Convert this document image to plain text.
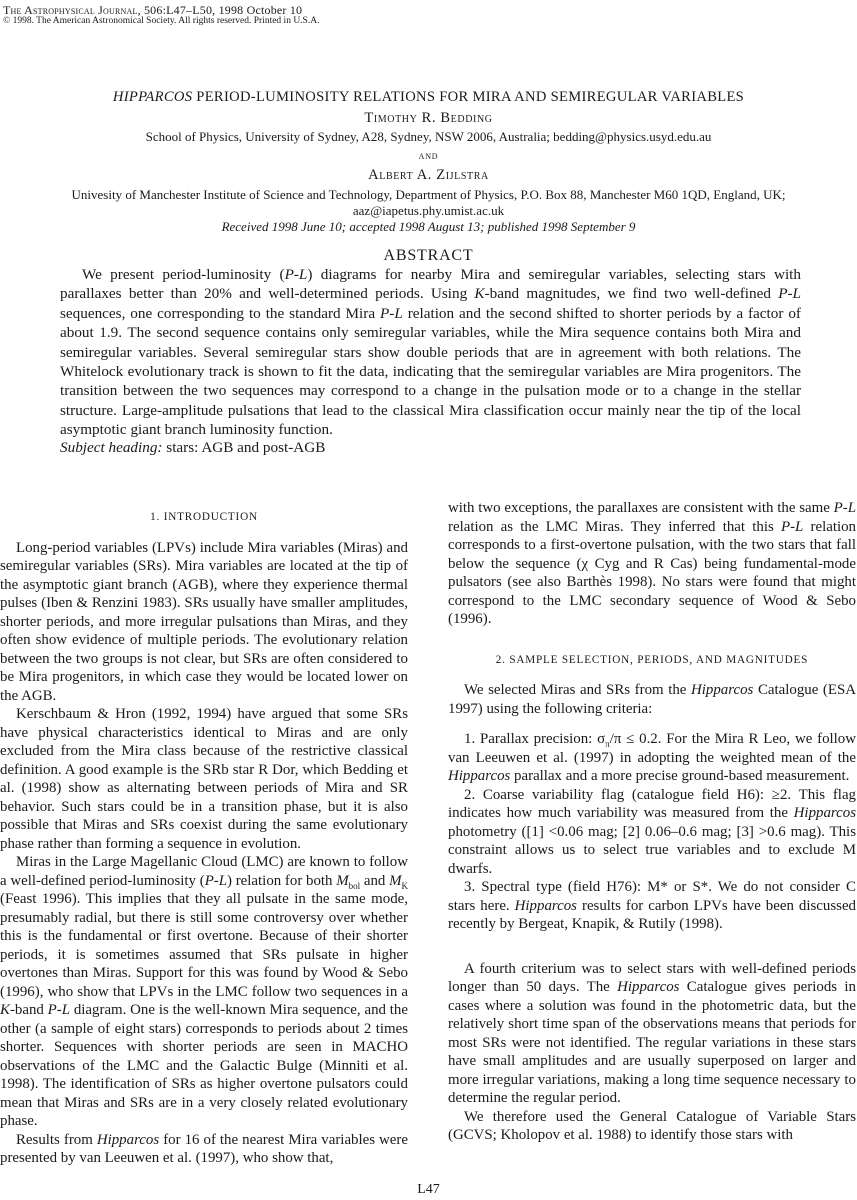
The Astrophysical Journal, 506:L47–L50, 1998 October 10
© 1998. The American Astronomical Society. All rights reserved. Printed in U.S.A.
HIPPARCOS PERIOD-LUMINOSITY RELATIONS FOR MIRA AND SEMIREGULAR VARIABLES
Timothy R. Bedding
School of Physics, University of Sydney, A28, Sydney, NSW 2006, Australia; bedding@physics.usyd.edu.au
and
Albert A. Zijlstra
Univesity of Manchester Institute of Science and Technology, Department of Physics, P.O. Box 88, Manchester M60 1QD, England, UK;
aaz@iapetus.phy.umist.ac.uk
Received 1998 June 10; accepted 1998 August 13; published 1998 September 9
ABSTRACT
We present period-luminosity (P-L) diagrams for nearby Mira and semiregular variables, selecting stars with parallaxes better than 20% and well-determined periods. Using K-band magnitudes, we find two well-defined P-L sequences, one corresponding to the standard Mira P-L relation and the second shifted to shorter periods by a factor of about 1.9. The second sequence contains only semiregular variables, while the Mira sequence contains both Mira and semiregular variables. Several semiregular stars show double periods that are in agreement with both relations. The Whitelock evolutionary track is shown to fit the data, indicating that the semiregular variables are Mira progenitors. The transition between the two sequences may correspond to a change in the pulsation mode or to a change in the stellar structure. Large-amplitude pulsations that lead to the classical Mira classification occur mainly near the tip of the local asymptotic giant branch luminosity function.
Subject heading: stars: AGB and post-AGB
1. INTRODUCTION

Long-period variables (LPVs) include Mira variables (Miras) and semiregular variables (SRs). Mira variables are located at the tip of the asymptotic giant branch (AGB), where they experience thermal pulses (Iben & Renzini 1983). SRs usually have smaller amplitudes, shorter periods, and more irregular pulsations than Miras, and they often show evidence of multiple periods. The evolutionary relation between the two groups is not clear, but SRs are often considered to be Mira progenitors, in which case they would be located lower on the AGB.

Kerschbaum & Hron (1992, 1994) have argued that some SRs have physical characteristics identical to Miras and are only excluded from the Mira class because of the restrictive classical definition. A good example is the SRb star R Dor, which Bedding et al. (1998) show as alternating between periods of Mira and SR behavior. Such stars could be in a transition phase, but it is also possible that Miras and SRs coexist during the same evolutionary phase rather than forming a sequence in evolution.

Miras in the Large Magellanic Cloud (LMC) are known to follow a well-defined period-luminosity (P-L) relation for both $M_{bol}$ and $M_K$ (Feast 1996). This implies that they all pulsate in the same mode, presumably radial, but there is still some controversy over whether this is the fundamental or first overtone. Because of their shorter periods, it is sometimes assumed that SRs pulsate in higher overtones than Miras. Support for this was found by Wood & Sebo (1996), who show that LPVs in the LMC follow two sequences in a K-band P-L diagram. One is the well-known Mira sequence, and the other (a sample of eight stars) corresponds to periods about 2 times shorter. Sequences with shorter periods are seen in MACHO observations of the LMC and the Galactic Bulge (Minniti et al. 1998). The identification of SRs as higher overtone pulsators could mean that Miras and SRs are in a very closely related evolutionary phase.

Results from Hipparcos for 16 of the nearest Mira variables were presented by van Leeuwen et al. (1997), who show that,

with two exceptions, the parallaxes are consistent with the same P-L relation as the LMC Miras. They inferred that this P-L relation corresponds to a first-overtone pulsation, with the two stars that fall below the sequence (χ Cyg and R Cas) being fundamental-mode pulsators (see also Barthès 1998). No stars were found that might correspond to the LMC secondary sequence of Wood & Sebo (1996).

2. SAMPLE SELECTION, PERIODS, AND MAGNITUDES

We selected Miras and SRs from the Hipparcos Catalogue (ESA 1997) using the following criteria:

1. Parallax precision: $\sigma_\pi/\pi \le 0.2$. For the Mira R Leo, we follow van Leeuwen et al. (1997) in adopting the weighted mean of the Hipparcos parallax and a more precise ground-based measurement.

2. Coarse variability flag (catalogue field H6): ≥2. This flag indicates how much variability was measured from the Hipparcos photometry ([1] <0.06 mag; [2] 0.06–0.6 mag; [3] >0.6 mag). This constraint allows us to select true variables and to exclude M dwarfs.

3. Spectral type (field H76): M* or S*. We do not consider C stars here. Hipparcos results for carbon LPVs have been discussed recently by Bergeat, Knapik, & Rutily (1998).

A fourth criterium was to select stars with well-defined periods longer than 50 days. The Hipparcos Catalogue gives periods in cases where a solution was found in the photometric data, but the relatively short time span of the observations means that periods for most SRs were not identified. The regular variations in these stars have small amplitudes and are usually superposed on larger and more irregular variations, making a long time sequence necessary to determine the regular period.

We therefore used the General Catalogue of Variable Stars (GCVS; Kholopov et al. 1988) to identify those stars with

L47
